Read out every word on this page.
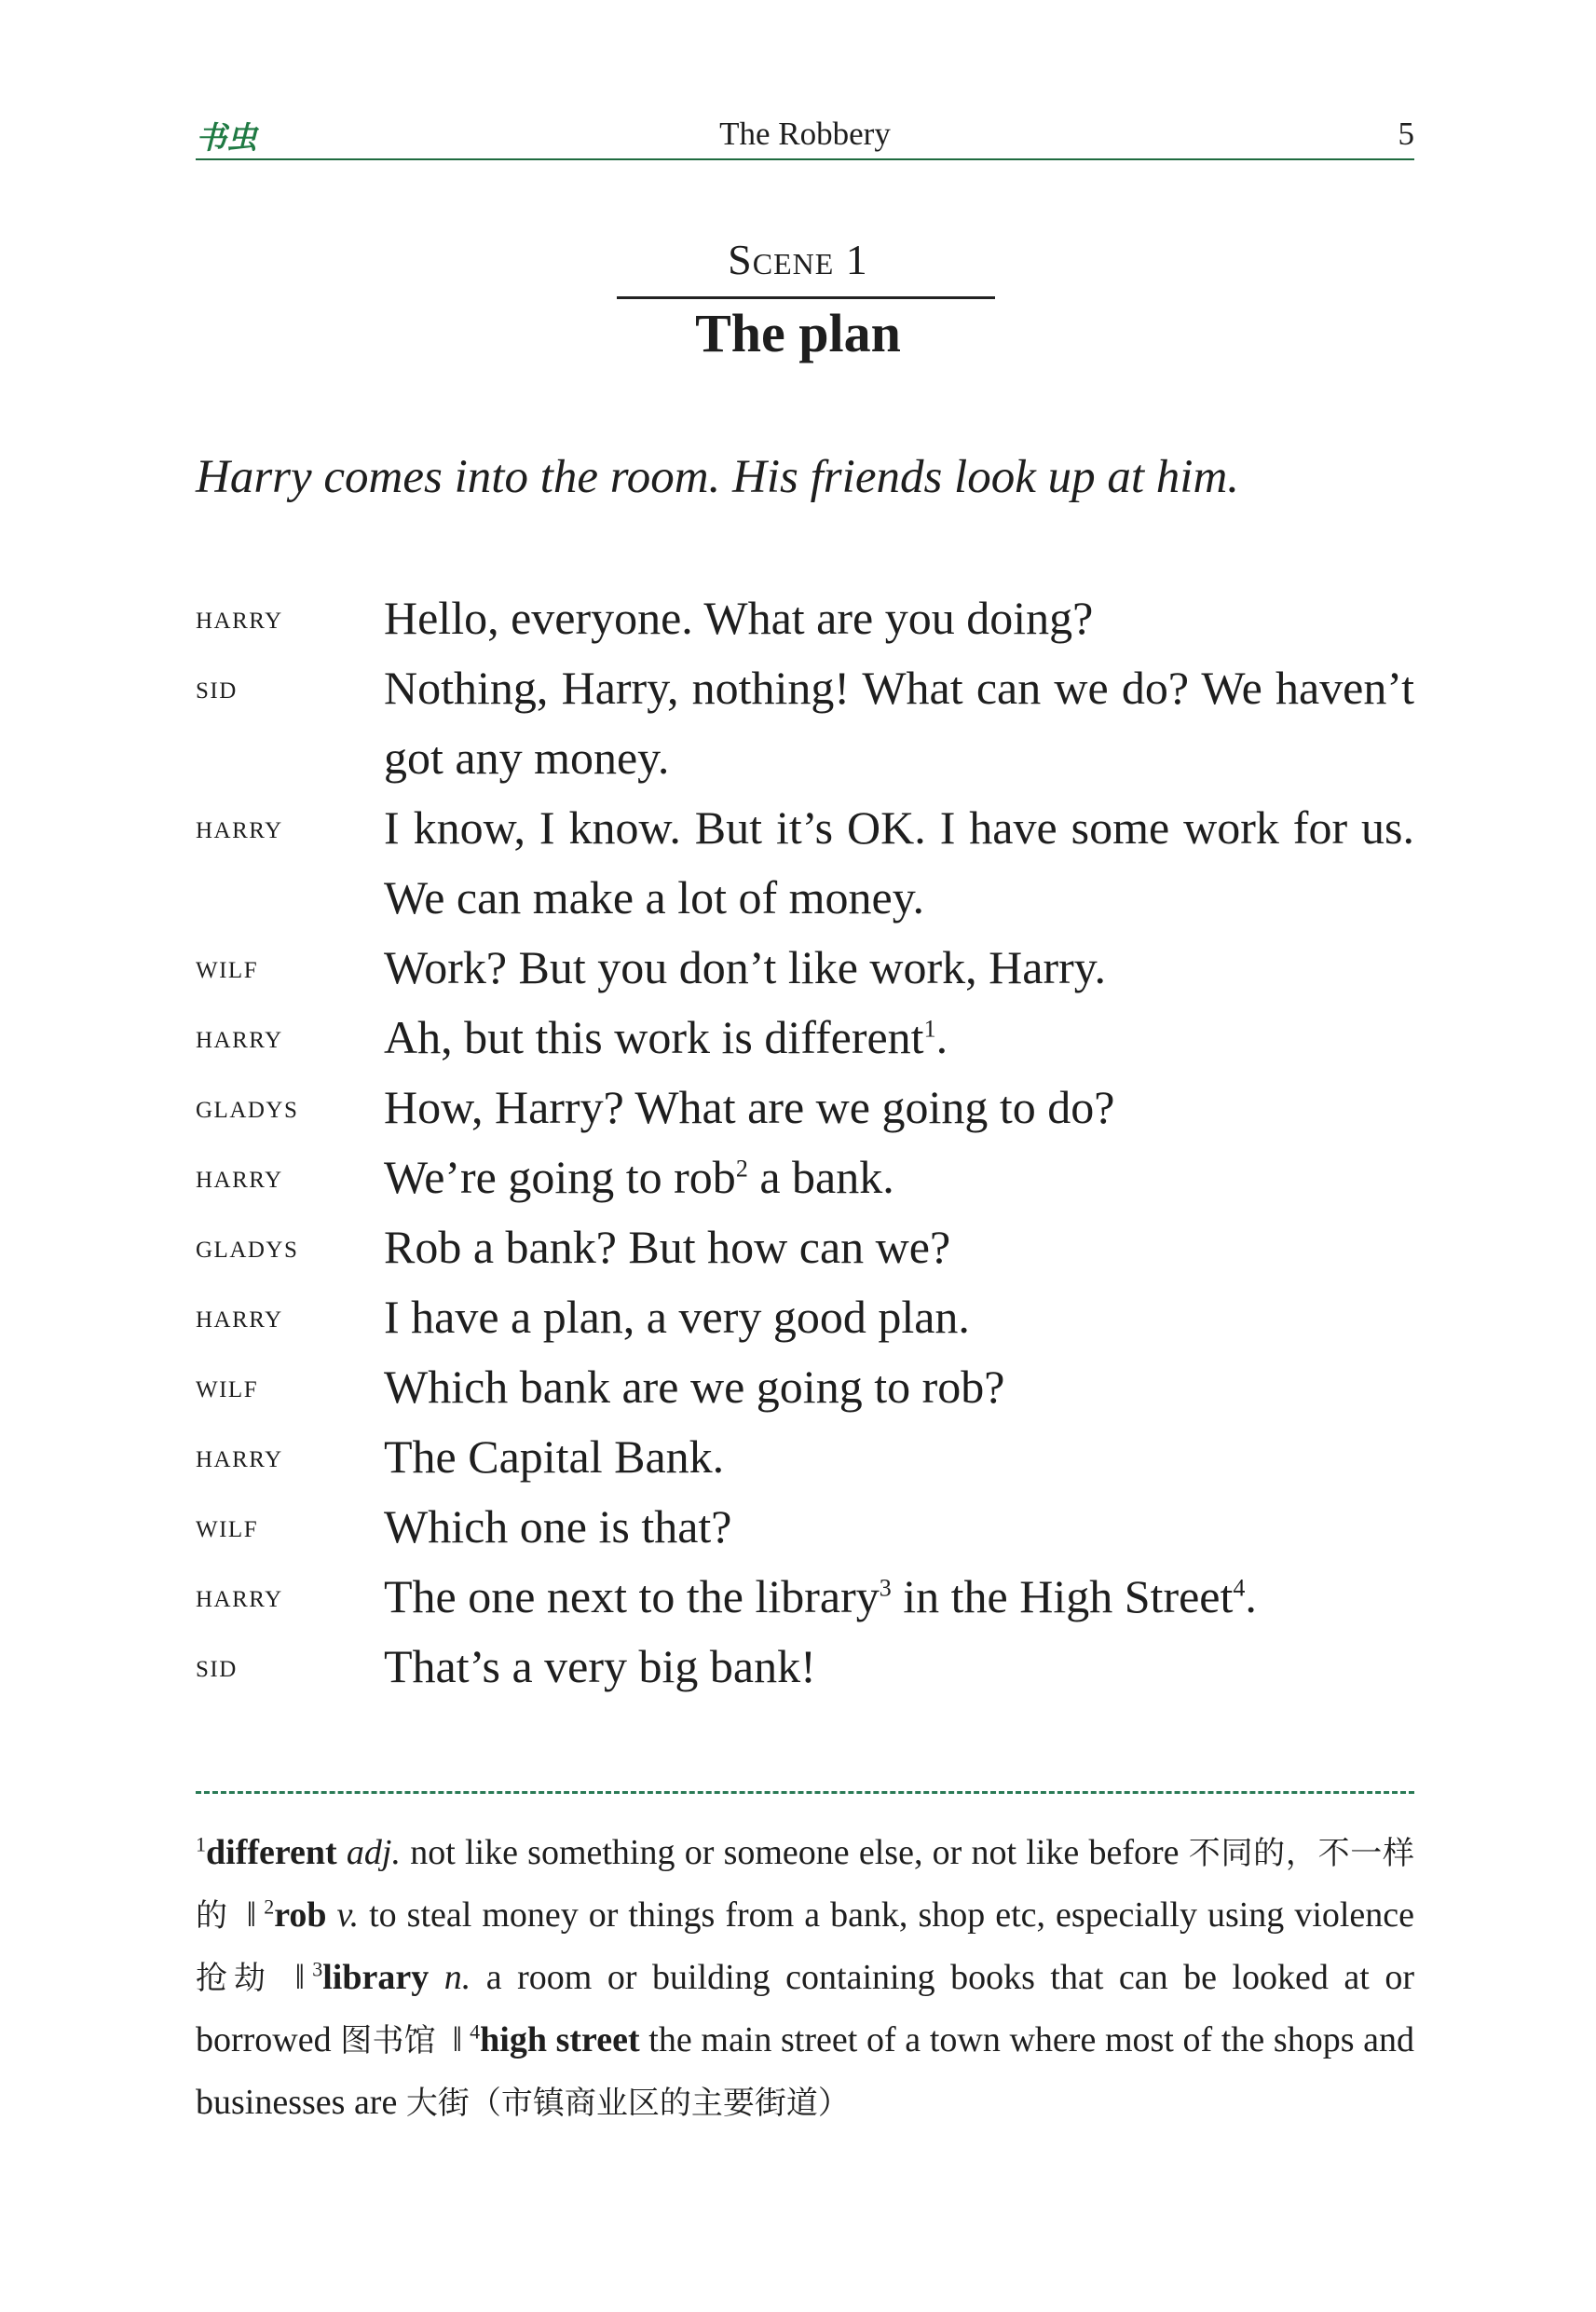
书虫	The Robbery	5
Scene 1
The plan
Harry comes into the room. His friends look up at him.
harry	Hello, everyone. What are you doing?
sid	Nothing, Harry, nothing! What can we do? We haven’t got any money.
harry	I know, I know. But it’s OK. I have some work for us. We can make a lot of money.
wilf	Work? But you don’t like work, Harry.
harry	Ah, but this work is different$^1$.
gladys	How, Harry? What are we going to do?
harry	We’re going to rob$^2$ a bank.
gladys	Rob a bank? But how can we?
harry	I have a plan, a very good plan.
wilf	Which bank are we going to rob?
harry	The Capital Bank.
wilf	Which one is that?
harry	The one next to the library$^3$ in the High Street$^4$.
sid	That’s a very big bank!
$^1$different adj. not like something or someone else, or not like before 不同的，不一样的 ‖ $^2$rob v. to steal money or things from a bank, shop etc, especially using violence 抢劫 ‖ $^3$library n. a room or building containing books that can be looked at or borrowed 图书馆 ‖ $^4$high street the main street of a town where most of the shops and businesses are 大街（市镇商业区的主要街道）
